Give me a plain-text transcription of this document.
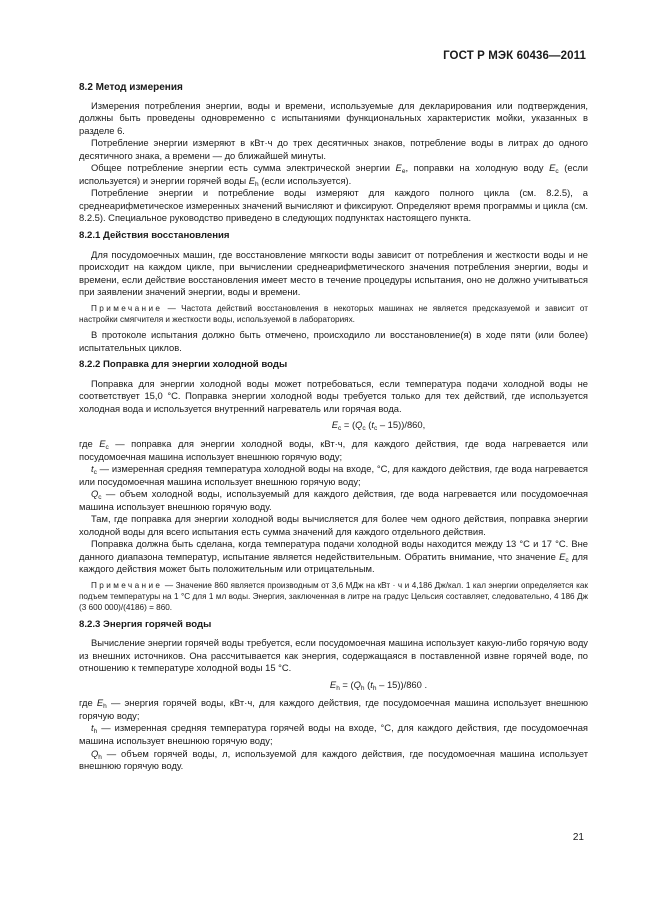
ГОСТ Р МЭК 60436—2011

8.2 Метод измерения

Измерения потребления энергии, воды и времени, используемые для декларирования или подтверждения, должны быть проведены одновременно с испытаниями функциональных характеристик мойки, указанных в разделе 6.

Потребление энергии измеряют в кВт·ч до трех десятичных знаков, потребление воды в литрах до одного десятичного знака, а времени — до ближайшей минуты.

Общее потребление энергии есть сумма электрической энергии $E_e$, поправки на холодную воду $E_c$ (если используется) и энергии горячей воды $E_h$ (если используется).

Потребление энергии и потребление воды измеряют для каждого полного цикла (см. 8.2.5), а среднеарифметическое измеренных значений вычисляют и фиксируют. Определяют время программы и цикла (см. 8.2.5). Специальное руководство приведено в следующих подпунктах настоящего пункта.

8.2.1 Действия восстановления

Для посудомоечных машин, где восстановление мягкости воды зависит от потребления и жесткости воды и не происходит на каждом цикле, при вычислении среднеарифметического значения потребления энергии, воды и времени, если действие восстановления имеет место в течение процедуры испытания, оно не должно учитываться при заявлении значений энергии, воды и времени.

Примечание — Частота действий восстановления в некоторых машинах не является предсказуемой и зависит от настройки смягчителя и жесткости воды, используемой в лабораториях.

В протоколе испытания должно быть отмечено, происходило ли восстановление(я) в ходе пяти (или более) испытательных циклов.

8.2.2 Поправка для энергии холодной воды

Поправка для энергии холодной воды может потребоваться, если температура подачи холодной воды не соответствует 15,0 °С. Поправка энергии холодной воды требуется только для тех действий, где используется холодная вода и используется внутренний нагреватель или горячая вода.

$E_c = (Q_c$ $(t_c - 15))/860$,

где $E_c$ — поправка для энергии холодной воды, кВт·ч, для каждого действия, где вода нагревается или посудомоечная машина использует внешнюю горячую воду;

$t_c$ — измеренная средняя температура холодной воды на входе, °С, для каждого действия, где вода нагревается или посудомоечная машина использует внешнюю горячую воду;

$Q_c$ — объем холодной воды, используемый для каждого действия, где вода нагревается или посудомоечная машина использует внешнюю горячую воду.

Там, где поправка для энергии холодной воды вычисляется для более чем одного действия, поправка энергии холодной воды для всего испытания есть сумма значений для каждого отдельного действия.

Поправка должна быть сделана, когда температура подачи холодной воды находится между 13 °С и 17 °С. Вне данного диапазона температур, испытание является недействительным. Обратить внимание, что значение $E_c$ для каждого действия может быть положительным или отрицательным.

Примечание — Значение 860 является производным от 3,6 МДж на кВт · ч и 4,186 Дж/кал. 1 кал энергии определяется как подъем температуры на 1 °С для 1 мл воды. Энергия, заключенная в литре на градус Цельсия составляет, следовательно, 4 186 Дж (3 600 000)/(4186) = 860.

8.2.3 Энергия горячей воды

Вычисление энергии горячей воды требуется, если посудомоечная машина использует какую-либо горячую воду из внешних источников. Она рассчитывается как энергия, содержащаяся в поставленной извне горячей воде, по отношению к температуре холодной воды 15 °С.

$E_h = (Q_h$ $(t_h - 15))/860$ .

где $E_h$ — энергия горячей воды, кВт·ч, для каждого действия, где посудомоечная машина использует внешнюю горячую воду;

$t_h$ — измеренная средняя температура горячей воды на входе, °С, для каждого действия, где посудомоечная машина использует внешнюю горячую воду;

$Q_h$ — объем горячей воды, л, используемой для каждого действия, где посудомоечная машина использует внешнюю горячую воду.

21
